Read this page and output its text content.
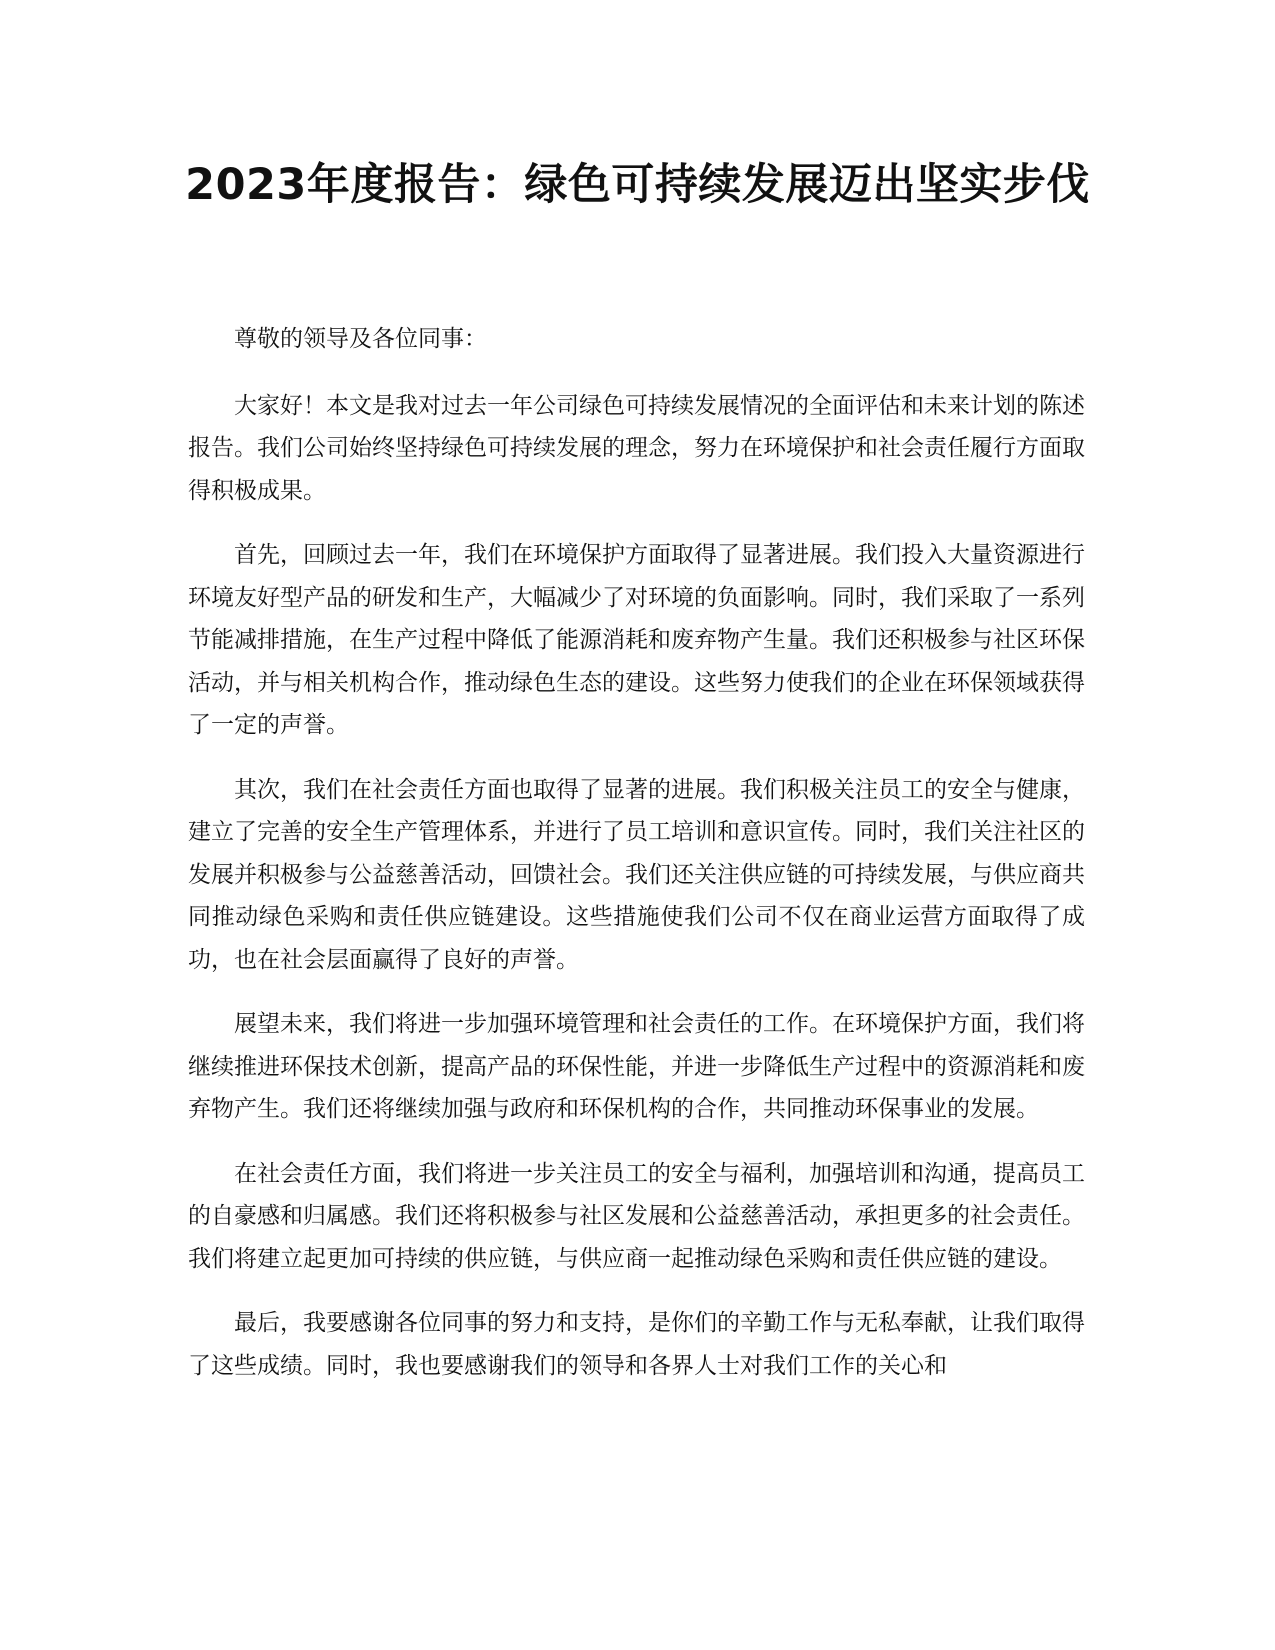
2023年度报告：绿色可持续发展迈出坚实步伐

尊敬的领导及各位同事：

大家好！本文是我对过去一年公司绿色可持续发展情况的全面评估和未来计划的陈述报告。我们公司始终坚持绿色可持续发展的理念，努力在环境保护和社会责任履行方面取得积极成果。

首先，回顾过去一年，我们在环境保护方面取得了显著进展。我们投入大量资源进行环境友好型产品的研发和生产，大幅减少了对环境的负面影响。同时，我们采取了一系列节能减排措施，在生产过程中降低了能源消耗和废弃物产生量。我们还积极参与社区环保活动，并与相关机构合作，推动绿色生态的建设。这些努力使我们的企业在环保领域获得了一定的声誉。

其次，我们在社会责任方面也取得了显著的进展。我们积极关注员工的安全与健康，建立了完善的安全生产管理体系，并进行了员工培训和意识宣传。同时，我们关注社区的发展并积极参与公益慈善活动，回馈社会。我们还关注供应链的可持续发展，与供应商共同推动绿色采购和责任供应链建设。这些措施使我们公司不仅在商业运营方面取得了成功，也在社会层面赢得了良好的声誉。

展望未来，我们将进一步加强环境管理和社会责任的工作。在环境保护方面，我们将继续推进环保技术创新，提高产品的环保性能，并进一步降低生产过程中的资源消耗和废弃物产生。我们还将继续加强与政府和环保机构的合作，共同推动环保事业的发展。

在社会责任方面，我们将进一步关注员工的安全与福利，加强培训和沟通，提高员工的自豪感和归属感。我们还将积极参与社区发展和公益慈善活动，承担更多的社会责任。我们将建立起更加可持续的供应链，与供应商一起推动绿色采购和责任供应链的建设。

最后，我要感谢各位同事的努力和支持，是你们的辛勤工作与无私奉献，让我们取得了这些成绩。同时，我也要感谢我们的领导和各界人士对我们工作的关心和
